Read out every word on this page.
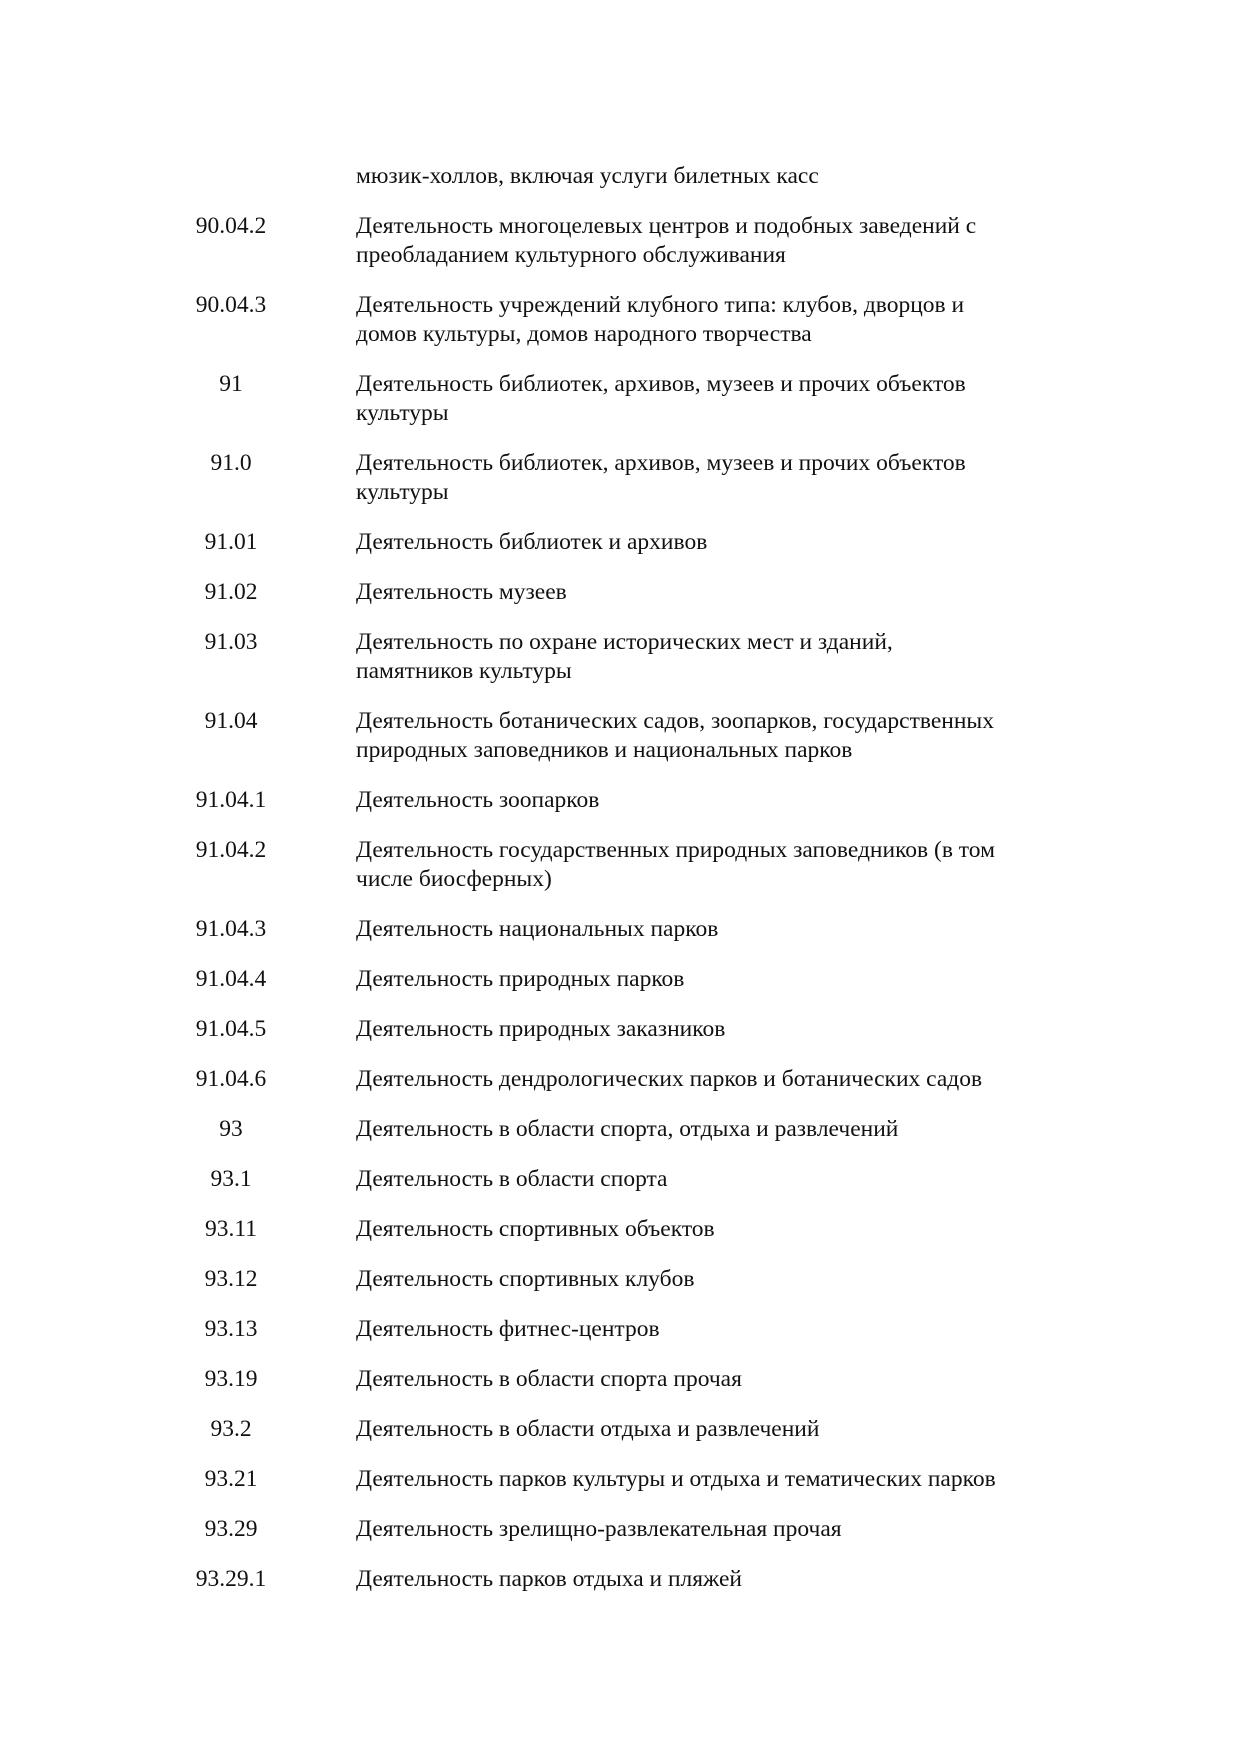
мюзик-холлов, включая услуги билетных касс
90.04.2	Деятельность многоцелевых центров и подобных заведений с
преобладанием культурного обслуживания
90.04.3	Деятельность учреждений клубного типа: клубов, дворцов и
домов культуры, домов народного творчества
91	Деятельность библиотек, архивов, музеев и прочих объектов
культуры
91.0	Деятельность библиотек, архивов, музеев и прочих объектов
культуры
91.01	Деятельность библиотек и архивов
91.02	Деятельность музеев
91.03	Деятельность по охране исторических мест и зданий,
памятников культуры
91.04	Деятельность ботанических садов, зоопарков, государственных
природных заповедников и национальных парков
91.04.1	Деятельность зоопарков
91.04.2	Деятельность государственных природных заповедников (в том
числе биосферных)
91.04.3	Деятельность национальных парков
91.04.4	Деятельность природных парков
91.04.5	Деятельность природных заказников
91.04.6	Деятельность дендрологических парков и ботанических садов
93	Деятельность в области спорта, отдыха и развлечений
93.1	Деятельность в области спорта
93.11	Деятельность спортивных объектов
93.12	Деятельность спортивных клубов
93.13	Деятельность фитнес-центров
93.19	Деятельность в области спорта прочая
93.2	Деятельность в области отдыха и развлечений
93.21	Деятельность парков культуры и отдыха и тематических парков
93.29	Деятельность зрелищно-развлекательная прочая
93.29.1	Деятельность парков отдыха и пляжей
